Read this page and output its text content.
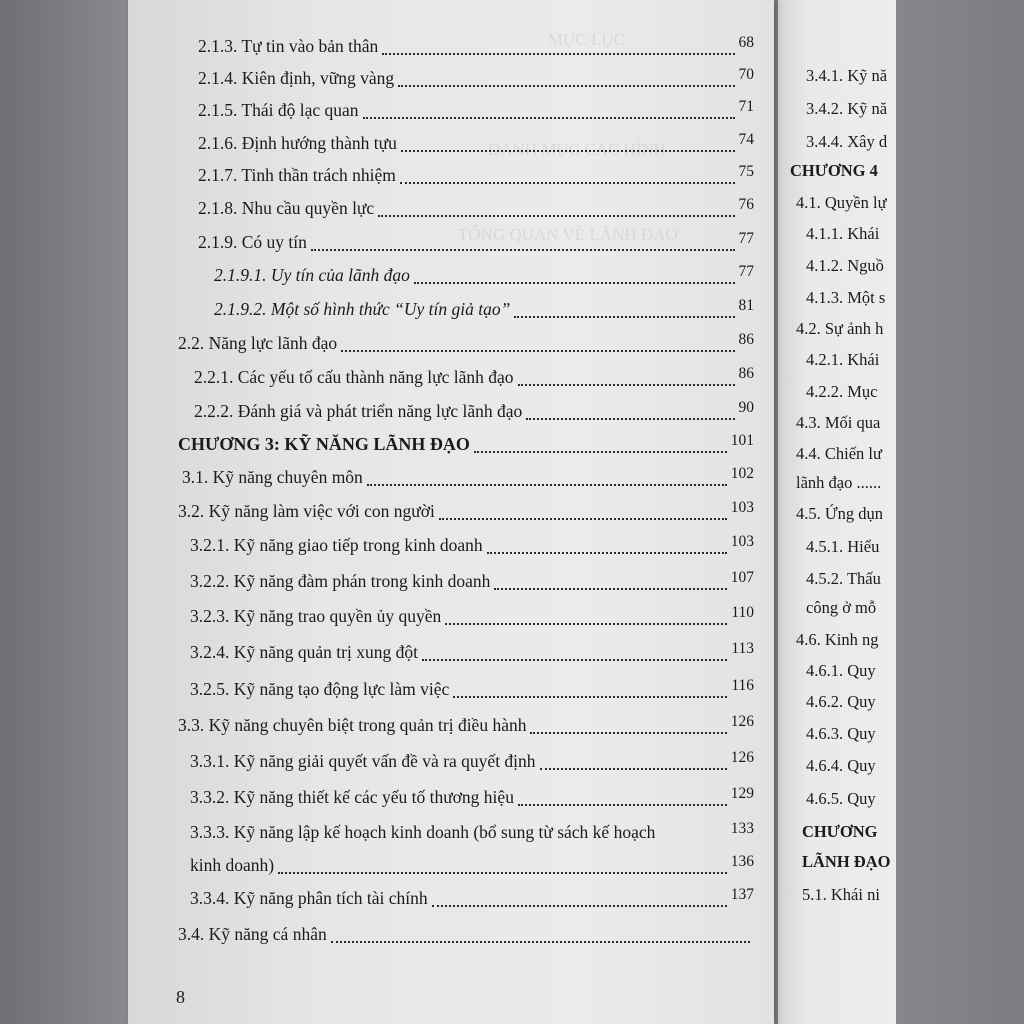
MỤC LỤC
DANH MỤC CÁC HÌNH
TỔNG QUAN VỀ LÃNH ĐẠO
2.1.3. Tự tin vào bản thân	68
2.1.4. Kiên định, vững vàng	70
2.1.5. Thái độ lạc quan	71
2.1.6. Định hướng thành tựu	74
2.1.7. Tinh thần trách nhiệm	75
2.1.8. Nhu cầu quyền lực	76
2.1.9. Có uy tín	77
2.1.9.1. Uy tín của lãnh đạo	77
2.1.9.2. Một số hình thức “Uy tín giả tạo”	81
2.2. Năng lực lãnh đạo	86
2.2.1. Các yếu tố cấu thành năng lực lãnh đạo	86
2.2.2. Đánh giá và phát triển năng lực lãnh đạo	90
CHƯƠNG 3: KỸ NĂNG LÃNH ĐẠO	101
3.1. Kỹ năng chuyên môn	102
3.2. Kỹ năng làm việc với con người	103
3.2.1. Kỹ năng giao tiếp trong kinh doanh	103
3.2.2. Kỹ năng đàm phán trong kinh doanh	107
3.2.3. Kỹ năng trao quyền ủy quyền	110
3.2.4. Kỹ năng quản trị xung đột	113
3.2.5. Kỹ năng tạo động lực làm việc	116
3.3. Kỹ năng chuyên biệt trong quản trị điều hành	126
3.3.1. Kỹ năng giải quyết vấn đề và ra quyết định	126
3.3.2. Kỹ năng thiết kế các yếu tố thương hiệu	129
3.3.3. Kỹ năng lập kế hoạch kinh doanh (bổ sung từ sách kế hoạch	133
kinh doanh)	136
3.3.4. Kỹ năng phân tích tài chính	137
3.4. Kỹ năng cá nhân
8
3.4.1. Kỹ nă
3.4.2. Kỹ nă
3.4.4. Xây d
CHƯƠNG 4
4.1. Quyền lự
4.1.1. Khái
4.1.2. Nguồ
4.1.3. Một s
4.2. Sự ảnh h
4.2.1. Khái
4.2.2. Mục
4.3. Mối qua
4.4. Chiến lư
lãnh đạo ......
4.5. Ứng dụn
4.5.1. Hiểu
4.5.2. Thấu
công ở mỗ
4.6. Kinh ng
4.6.1. Quy
4.6.2. Quy
4.6.3. Quy
4.6.4. Quy
4.6.5. Quy
CHƯƠNG
LÃNH ĐẠO
5.1. Khái ni
